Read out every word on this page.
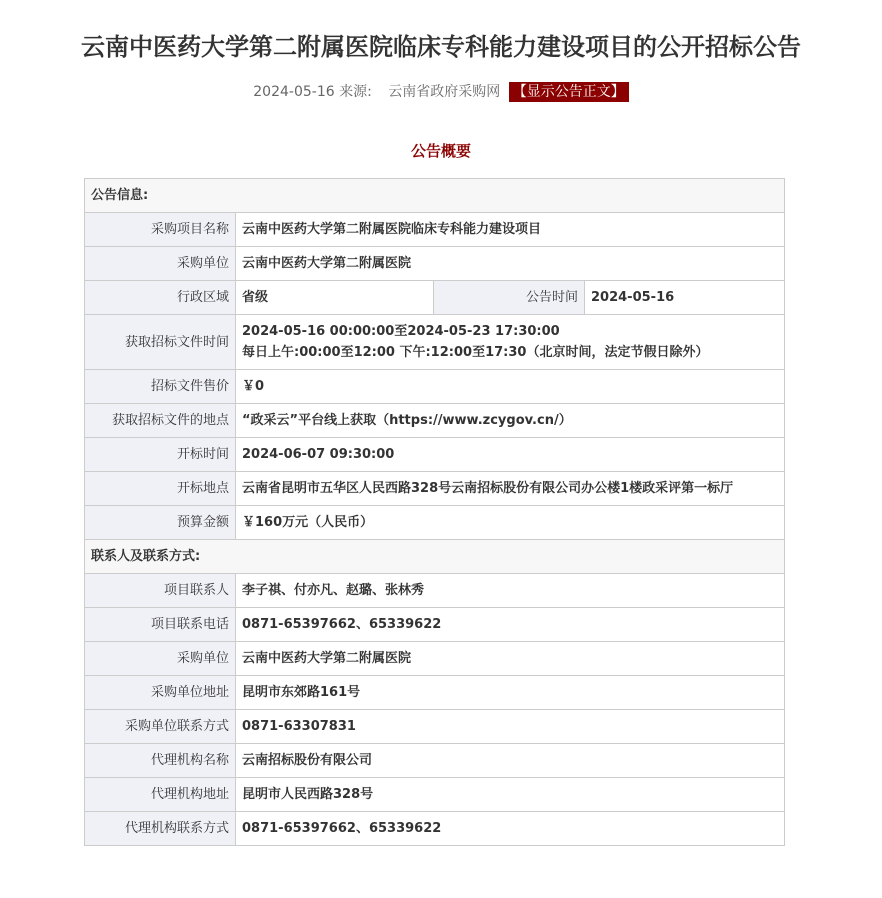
云南中医药大学第二附属医院临床专科能力建设项目的公开招标公告
2024-05-16 来源: 云南省政府采购网 【显示公告正文】
公告概要
公告信息:			
采购项目名称	云南中医药大学第二附属医院临床专科能力建设项目		
采购单位	云南中医药大学第二附属医院		
行政区域	省级	公告时间	2024-05-16
获取招标文件时间	2024-05-16 00:00:00至2024-05-23 17:30:00
每日上午:00:00至12:00 下午:12:00至17:30（北京时间，法定节假日除外）		

招标文件售价	￥0		
获取招标文件的地点	“政采云”平台线上获取（https://www.zcygov.cn/）		
开标时间	2024-06-07 09:30:00		
开标地点	云南省昆明市五华区人民西路328号云南招标股份有限公司办公楼1楼政采评第一标厅		
预算金额	￥160万元（人民币）		
联系人及联系方式:			
项目联系人	李子祺、付亦凡、赵璐、张林秀		
项目联系电话	0871-65397662、65339622		
采购单位	云南中医药大学第二附属医院		
采购单位地址	昆明市东郊路161号		
采购单位联系方式	0871-63307831		
代理机构名称	云南招标股份有限公司		
代理机构地址	昆明市人民西路328号		
代理机构联系方式	0871-65397662、65339622		
